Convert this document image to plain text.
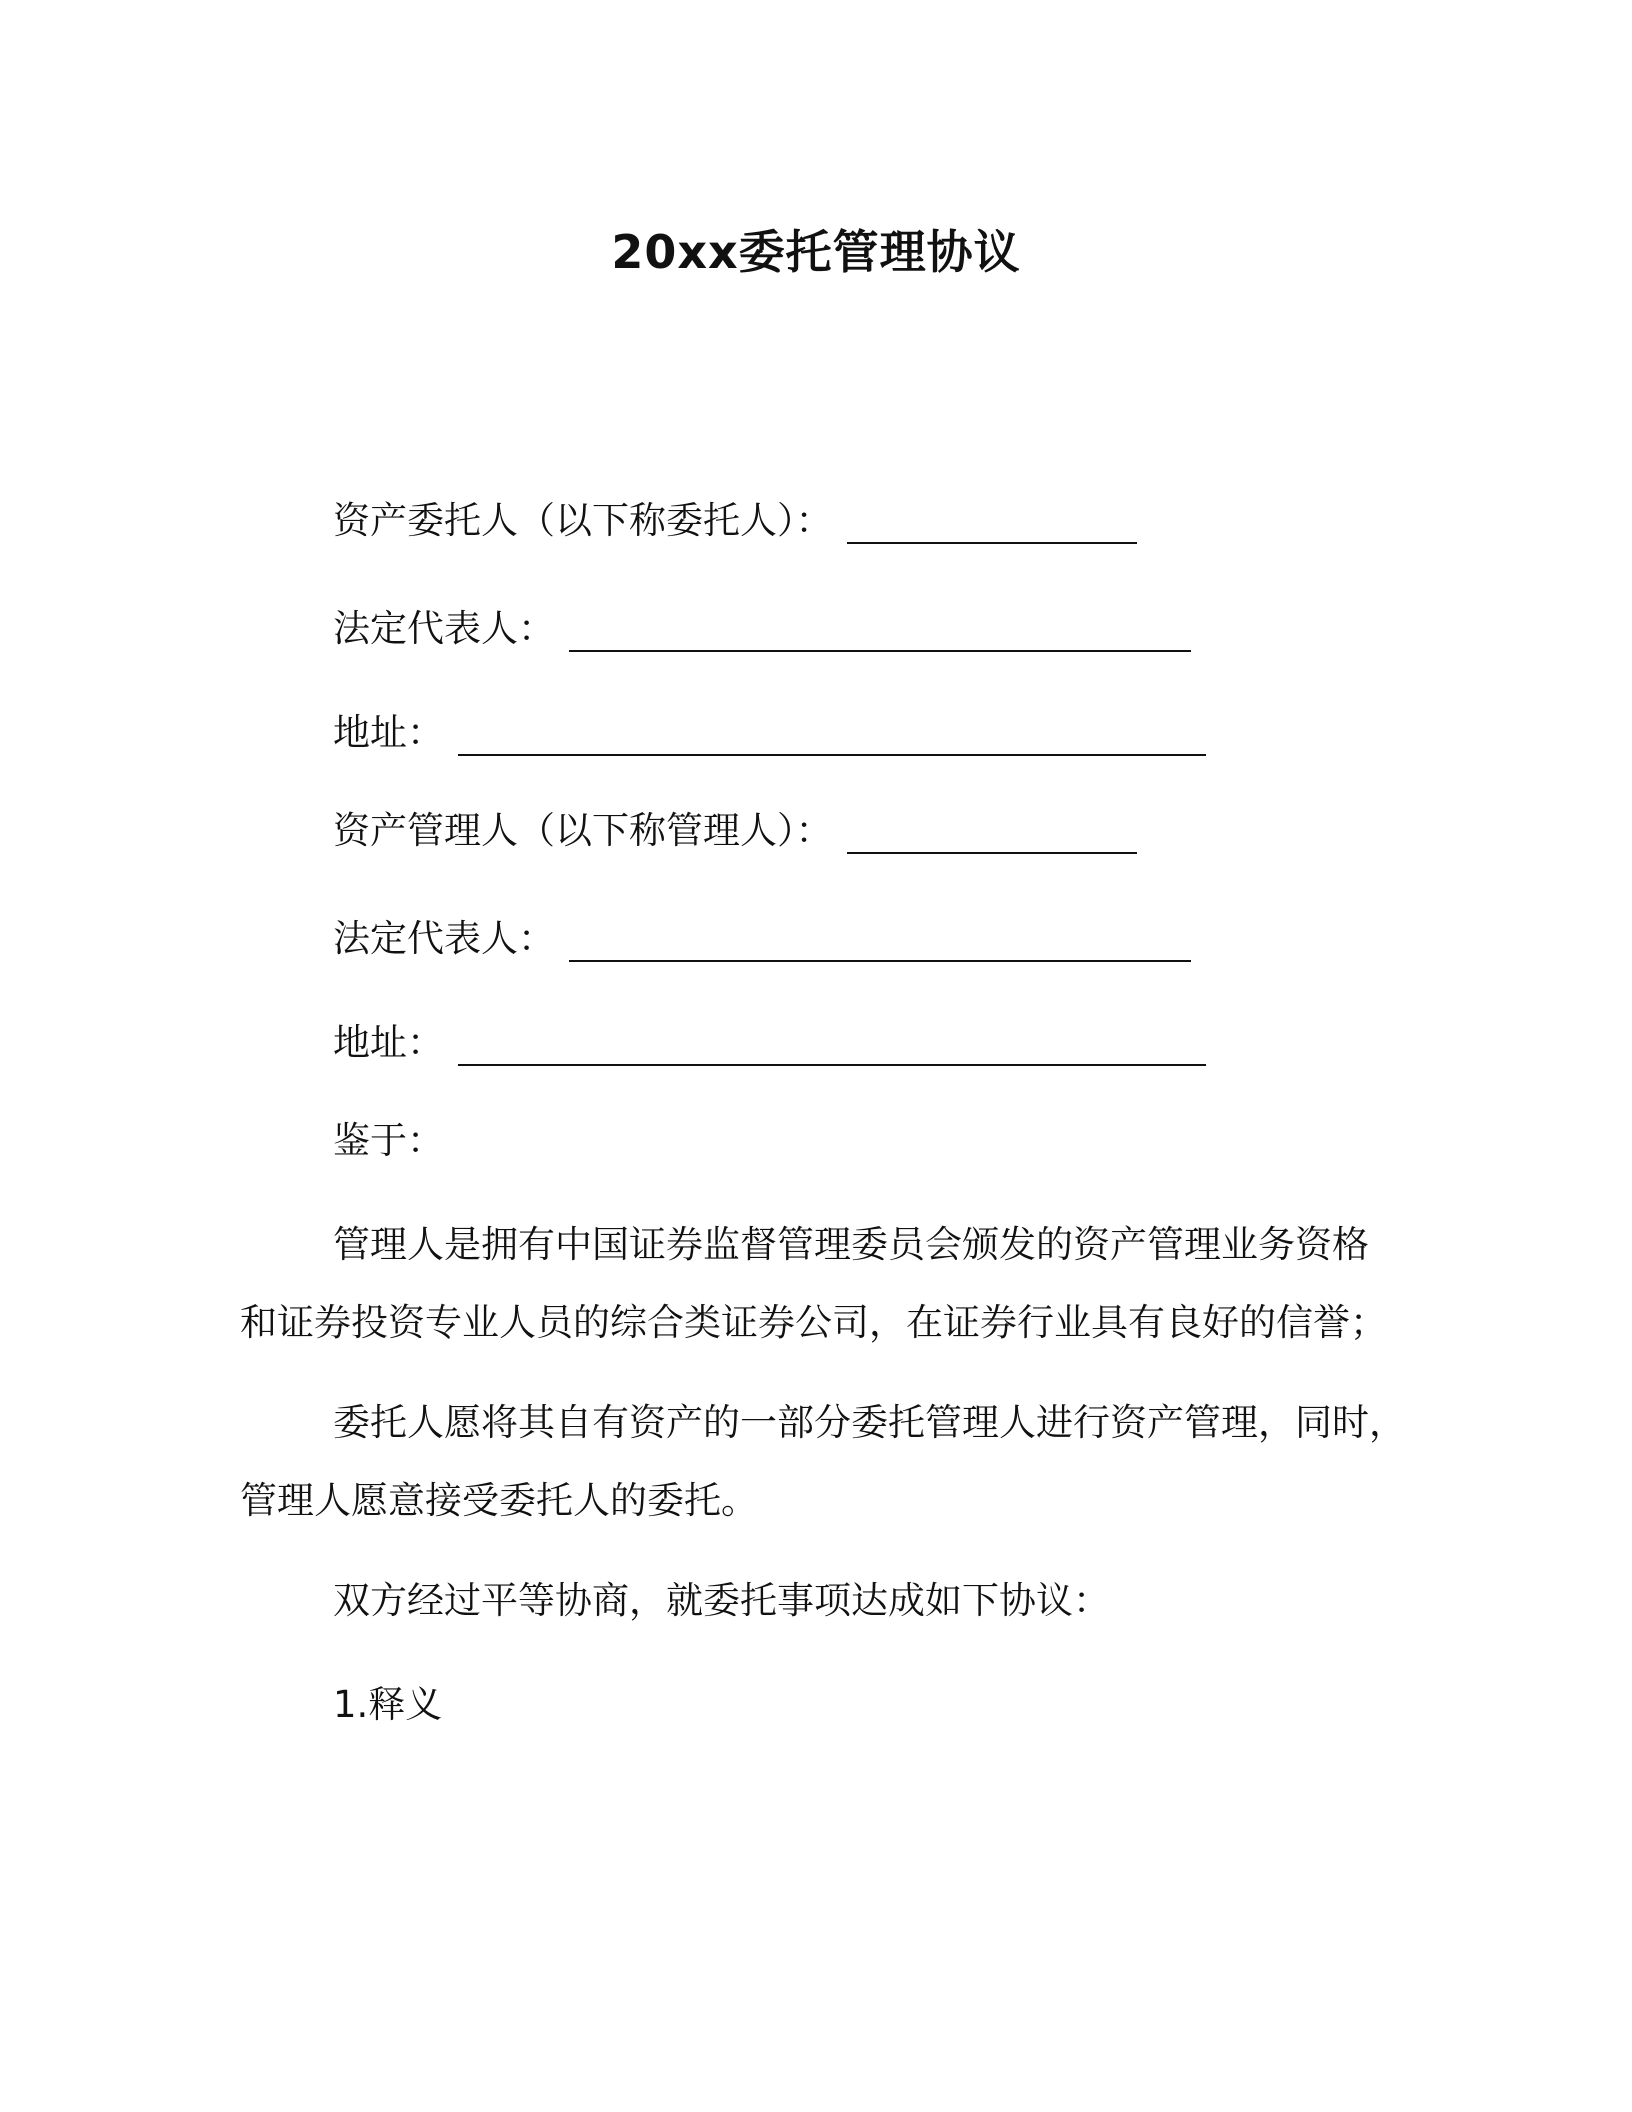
20xx委托管理协议
资产委托人（以下称委托人）：
法定代表人：
地址：
资产管理人（以下称管理人）：
法定代表人：
地址：
鉴于：
管理人是拥有中国证券监督管理委员会颁发的资产管理业务资格
和证券投资专业人员的综合类证券公司，在证券行业具有良好的信誉；
委托人愿将其自有资产的一部分委托管理人进行资产管理，同时，
管理人愿意接受委托人的委托。
双方经过平等协商，就委托事项达成如下协议：
1.释义
